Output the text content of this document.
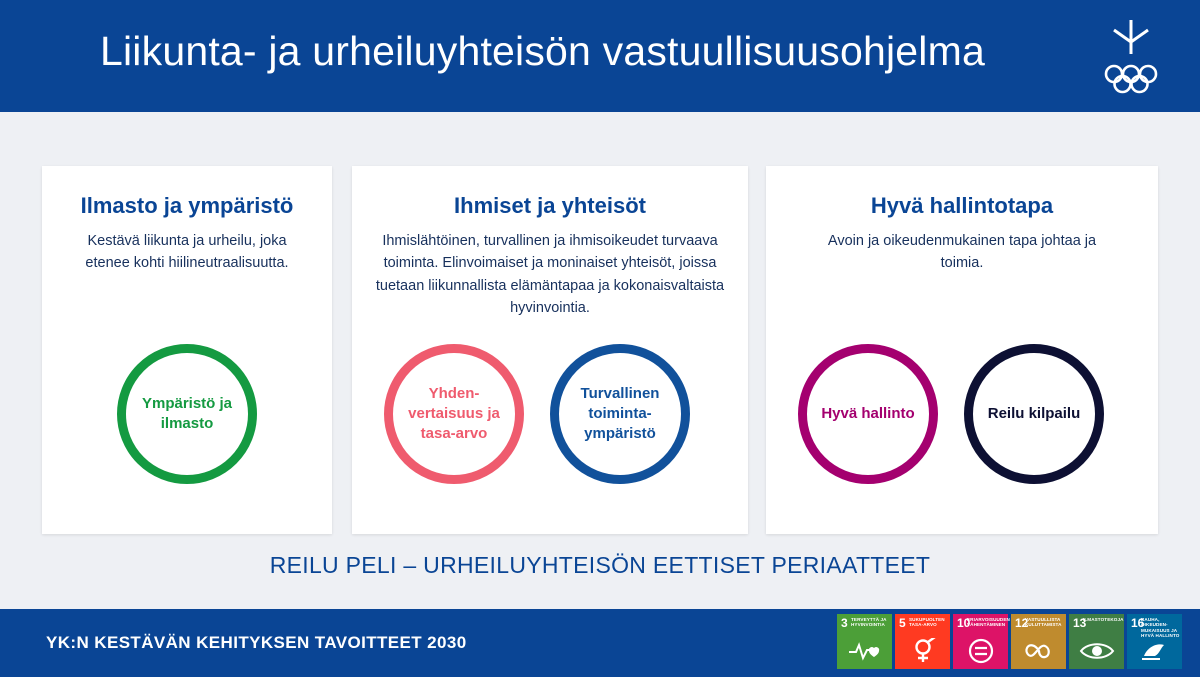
Liikunta- ja urheiluyhteisön vastuullisuusohjelma
Ilmasto ja ympäristö
Kestävä liikunta ja urheilu, joka etenee kohti hiilineutraalisuutta.
Ympäristö ja ilmasto
Ihmiset ja yhteisöt
Ihmislähtöinen, turvallinen ja ihmisoikeudet turvaava toiminta. Elinvoimaiset ja moninaiset yhteisöt, joissa tuetaan liikunnallista elämäntapaa ja kokonaisvaltaista hyvinvointia.
Yhden-vertaisuus ja tasa-arvo
Turvallinen toiminta-ympäristö
Hyvä hallintotapa
Avoin ja oikeudenmukainen tapa johtaa ja toimia.
Hyvä hallinto	Reilu kilpailu
REILU PELI – URHEILUYHTEISÖN EETTISET PERIAATTEET
YK:N KESTÄVÄN KEHITYKSEN TAVOITTEET 2030
3 TERVEYTTÄ JA HYVINVOINTIA	5 SUKUPUOLTEN TASA-ARVO	10
ERIARVOISUUDEN VÄHENTÄMINEN 12
VASTUULLISTA KULUTTAMISTA 13
ILMASTOTEKOJA 16
RAUHA, OIKEUDEN-MUKAISUUS JA HYVÄ HALLINTO
